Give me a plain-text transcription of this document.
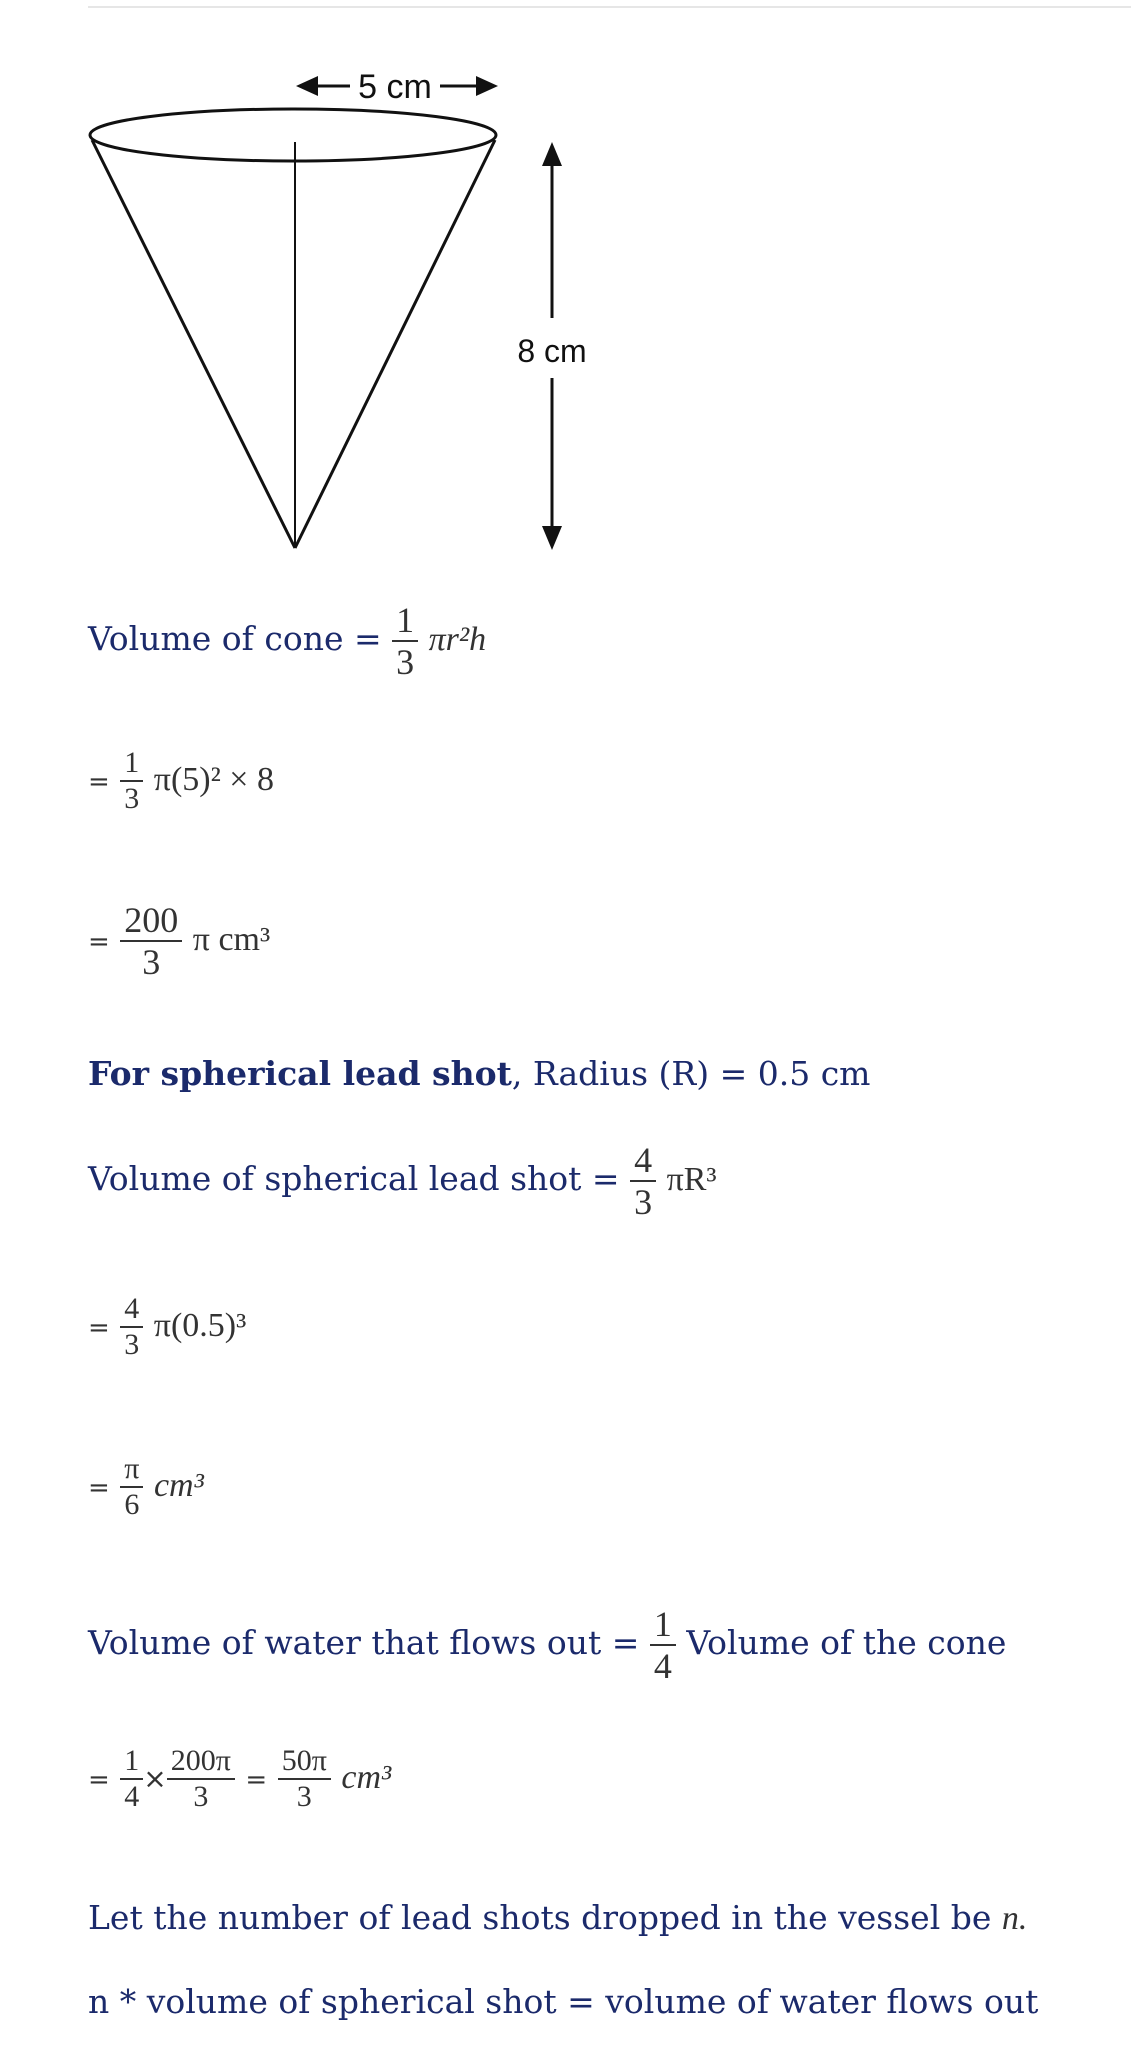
5 cm
8 cm
Volume of cone = $\frac{1}{3} \pi r^2h$
= $\frac{1}{3} \pi(5)^2 \times 8$
= $\frac{200}{3}$ π cm³
For spherical lead shot, Radius (R) = 0.5 cm
Volume of spherical lead shot = $\frac{4}{3} \pi R^3$
= $\frac{4}{3} \pi(0.5)^3$
= $\frac{\pi}{6} cm^3$
Volume of water that flows out = $\frac{1}{4}$ Volume of the cone
= $\frac{1}{4} \times \frac{200\pi}{3} = \frac{50\pi}{3} cm^3$
Let the number of lead shots dropped in the vessel be n.
n * volume of spherical shot = volume of water flows out
